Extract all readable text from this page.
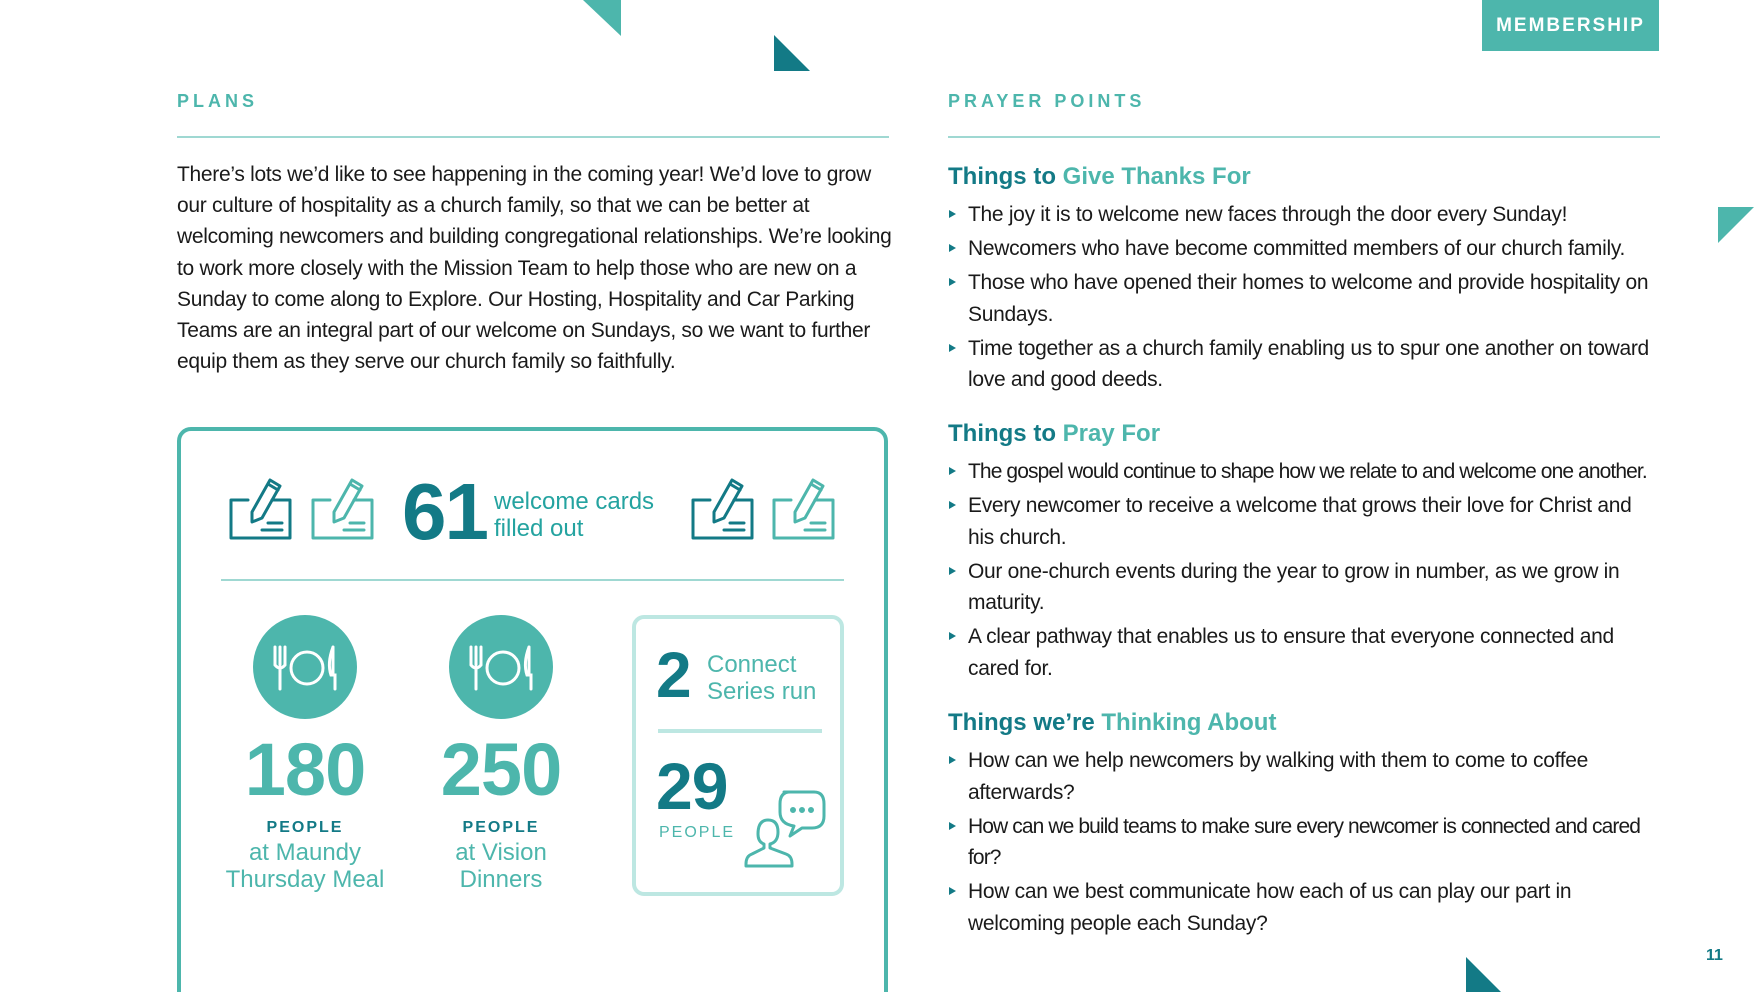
MEMBERSHIP
PLANS

There’s lots we’d like to see happening in the coming year! We’d love to grow our culture of hospitality as a church family, so that we can be better at welcoming newcomers and building congregational relationships. We’re looking to work more closely with the Mission Team to help those who are new on a Sunday to come along to Explore. Our Hosting, Hospitality and Car Parking Teams are an integral part of our welcome on Sundays, so we want to further equip them as they serve our church family so faithfully.

61 welcome cards filled out
180
PEOPLE
at Maundy Thursday Meal
250
PEOPLE
at Vision Dinners
2 Connect Series run
29
PEOPLE
PRAYER POINTS
Things to Give Thanks For
The joy it is to welcome new faces through the door every Sunday!
Newcomers who have become committed members of our church family.
Those who have opened their homes to welcome and provide hospitality on Sundays.
Time together as a church family enabling us to spur one another on toward love and good deeds.
Things to Pray For
The gospel would continue to shape how we relate to and welcome one another.
Every newcomer to receive a welcome that grows their love for Christ and his church.
Our one-church events during the year to grow in number, as we grow in maturity.
A clear pathway that enables us to ensure that everyone connected and cared for.
Things we’re Thinking About
How can we help newcomers by walking with them to come to coffee afterwards?
How can we build teams to make sure every newcomer is connected and cared for?
How can we best communicate how each of us can play our part in welcoming people each Sunday?
11
